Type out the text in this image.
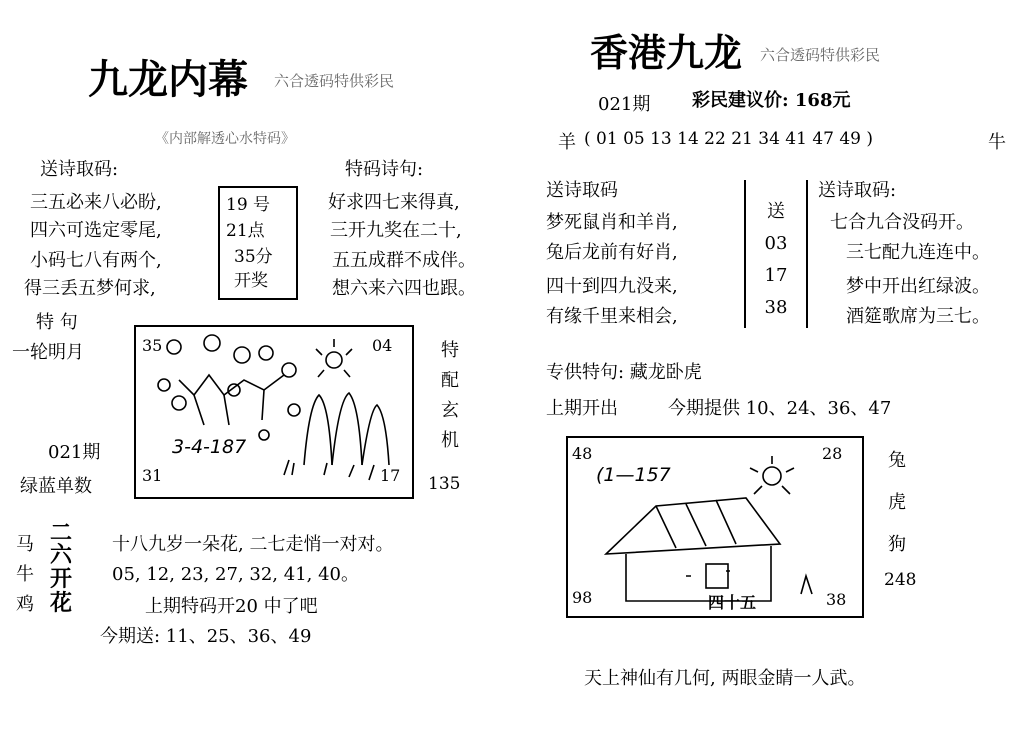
九龙内幕 六合透码特供彩民
《内部解透心水特码》
送诗取码:	特码诗句:
三五必来八必盼,
四六可选定零尾,
小码七八有两个,
得三丢五梦何求,
19 号
21点
35分
开奖
好求四七来得真,
三开九奖在二十,
五五成群不成伴。
想六来六四也跟。
特 句
一轮明月
021期
绿蓝单数
35	04
31	17
3-4-187
特
配
玄
机
135
马
牛
鸡
二
六
开
花
十八九岁一朵花, 二七走悄一对对。
05, 12, 23, 27, 32, 41, 40。
上期特码开20 中了吧
今期送: 11、25、36、49
香港九龙 六合透码特供彩民
021期 彩民建议价: 168元
羊 ( 01 05 13 14 22 21 34 41 47 49 )	牛
送诗取码	送诗取码:
梦死鼠肖和羊肖,
兔后龙前有好肖,
四十到四九没来,
有缘千里来相会,
送
03
17
38
七合九合没码开。
三七配九连连中。
梦中开出红绿波。
酒筵歌席为三七。
专供特句: 藏龙卧虎
上期开出	今期提供 10、24、36、47
48	28
98	38
(1—157
四十五
兔
虎
狗
248
天上神仙有几何, 两眼金睛一人武。
